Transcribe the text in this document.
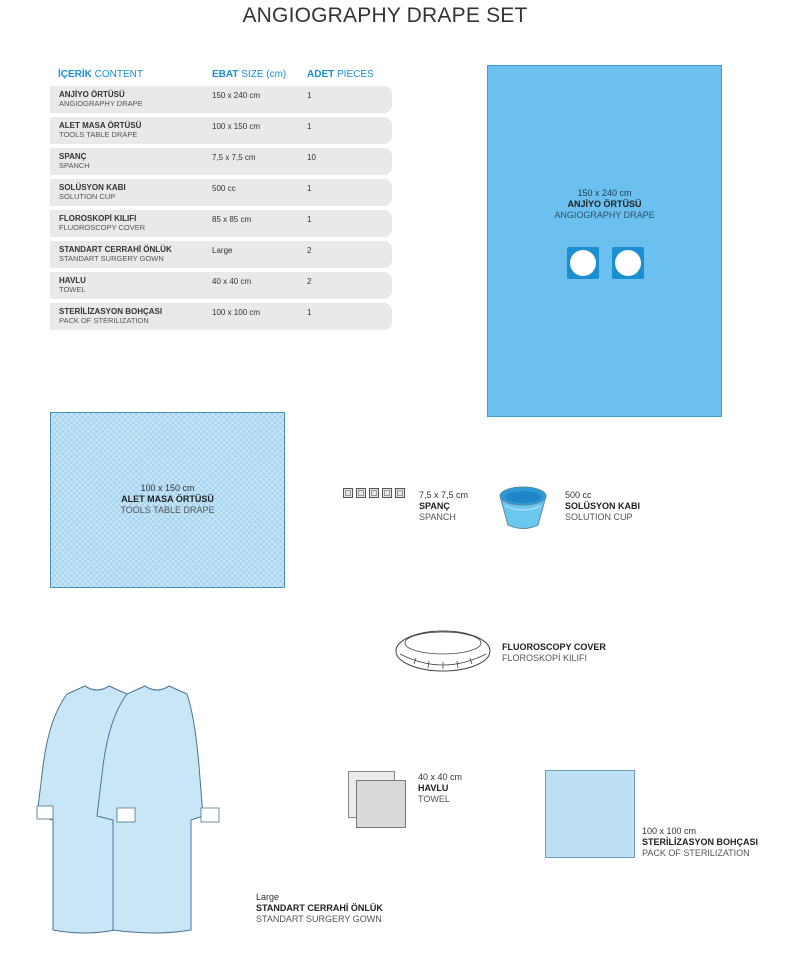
ANGIOGRAPHY DRAPE SET
İÇERİK CONTENT	EBAT SIZE (cm) ADET PIECES
ANJİYO ÖRTÜSÜ
ANGIOGRAPHY DRAPE
150 x 240 cm	1
ALET MASA ÖRTÜSÜ
TOOLS TABLE DRAPE
100 x 150 cm	1
SPANÇ
SPANCH
7,5 x 7,5 cm	10
SOLÜSYON KABI
SOLUTION CUP
500 cc	1
FLOROSKOPİ KILIFI
FLUOROSCOPY COVER
85 x 85 cm	1
STANDART CERRAHİ ÖNLÜK
STANDART SURGERY GOWN
Large	2
HAVLU
TOWEL
40 x 40 cm	2
STERİLİZASYON BOHÇASI
PACK OF STERILIZATION
100 x 100 cm	1
150 x 240 cm
ANJİYO ÖRTÜSÜ
ANGIOGRAPHY DRAPE
100 x 150 cm
ALET MASA ÖRTÜSÜ
TOOLS TABLE DRAPE
7,5 x 7,5 cm
SPANÇ
SPANCH
500 cc
SOLÜSYON KABI
SOLUTION CUP
FLUOROSCOPY COVER
FLOROSKOPİ KILIFI
Large
STANDART CERRAHİ ÖNLÜK
STANDART SURGERY GOWN
40 x 40 cm
HAVLU
TOWEL
100 x 100 cm
STERİLİZASYON BOHÇASI
PACK OF STERILIZATION
